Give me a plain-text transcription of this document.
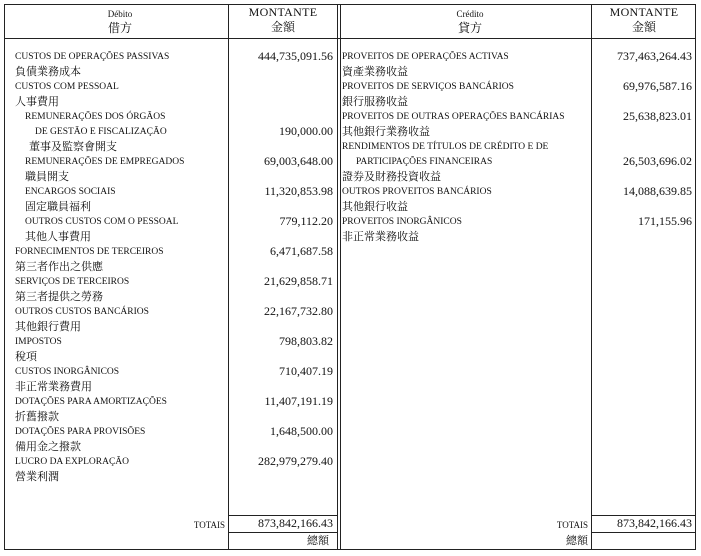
Débito
借方
MONTANTE
金額
Crédito
貸方
MONTANTE
金額
CUSTOS DE OPERAÇÕES PASSIVAS	444,735,091.56
負債業務成本
CUSTOS COM PESSOAL
人事費用
REMUNERAÇÕES DOS ÓRGÃOS
DE GESTÃO E FISCALIZAÇÃO	190,000.00
董事及監察會開支
REMUNERAÇÕES DE EMPREGADOS	69,003,648.00
職員開支
ENCARGOS SOCIAIS	11,320,853.98
固定職員福利
OUTROS CUSTOS COM O PESSOAL	779,112.20
其他人事費用
FORNECIMENTOS DE TERCEIROS	6,471,687.58
第三者作出之供應
SERVIÇOS DE TERCEIROS	21,629,858.71
第三者提供之勞務
OUTROS CUSTOS BANCÁRIOS	22,167,732.80
其他銀行費用
IMPOSTOS	798,803.82
稅項
CUSTOS INORGÂNICOS	710,407.19
非正常業務費用
DOTAÇÕES PARA AMORTIZAÇÕES	11,407,191.19
折舊撥款
DOTAÇÕES PARA PROVISÕES	1,648,500.00
備用金之撥款
LUCRO DA EXPLORAÇÃO	282,979,279.40
營業利潤
PROVEITOS DE OPERAÇÕES ACTIVAS	737,463,264.43
資產業務收益
PROVEITOS DE SERVIÇOS BANCÁRIOS	69,976,587.16
銀行服務收益
PROVEITOS DE OUTRAS OPERAÇÕES BANCÁRIAS	25,638,823.01
其他銀行業務收益
RENDIMENTOS DE TÍTULOS DE CRÉDITO E DE
PARTICIPAÇÕES FINANCEIRAS	26,503,696.02
證券及財務投資收益
OUTROS PROVEITOS BANCÁRIOS	14,088,639.85
其他銀行收益
PROVEITOS INORGÂNICOS	171,155.96
非正常業務收益
TOTAIS	873,842,166.43
總額
TOTAIS	873,842,166.43
總額
